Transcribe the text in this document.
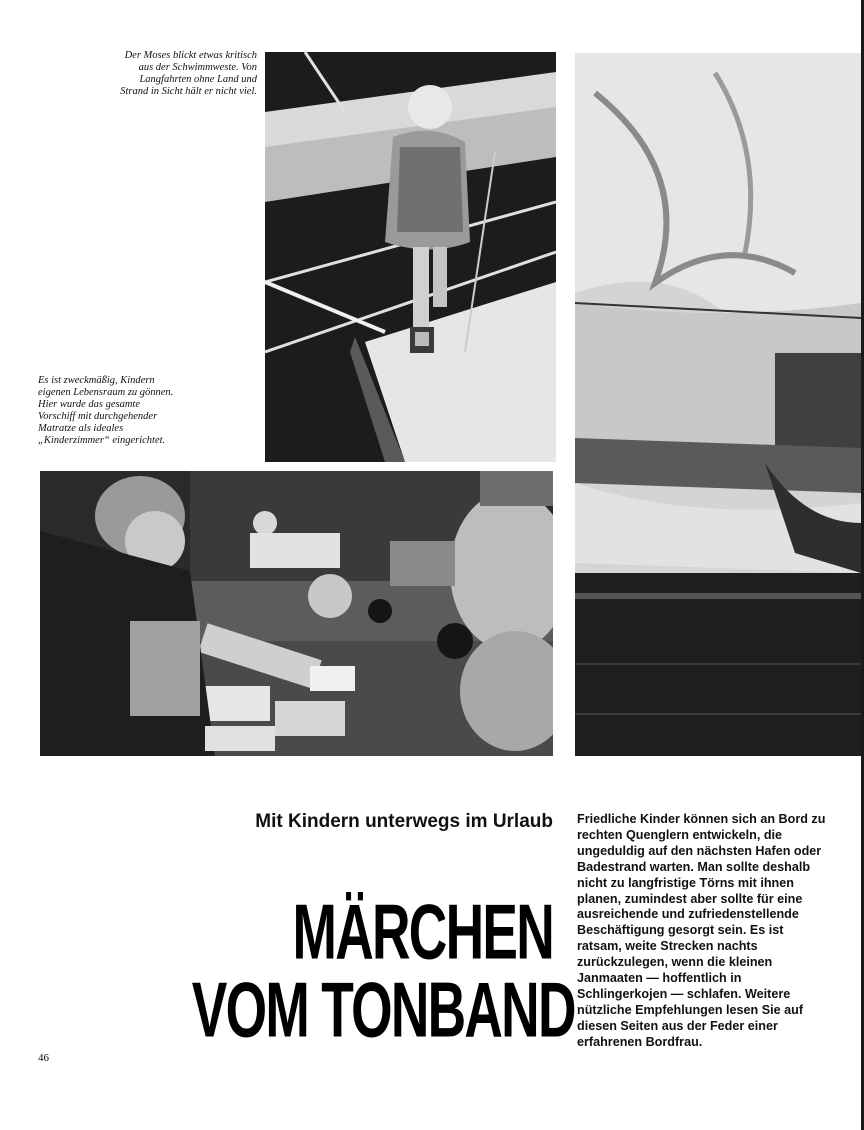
Der Moses blickt etwas kritisch aus der Schwimmweste. Von Langfahrten ohne Land und Strand in Sicht hält er nicht viel.

Es ist zweckmäßig, Kindern eigenen Lebensraum zu gönnen. Hier wurde das gesamte Vorschiff mit durchgehender Matratze als ideales „Kinderzimmer“ eingerichtet.

Mit Kindern unterwegs im Urlaub
MÄRCHEN
VOM TONBAND

Friedliche Kinder können sich an Bord zu rechten Quenglern entwickeln, die ungeduldig auf den nächsten Hafen oder Badestrand warten. Man sollte deshalb nicht zu langfristige Törns mit ihnen planen, zumindest aber sollte für eine ausreichende und zufriedenstellende Beschäftigung gesorgt sein. Es ist ratsam, weite Strecken nachts zurückzulegen, wenn die kleinen Janmaaten — hoffentlich in Schlingerkojen — schlafen. Weitere nützliche Empfehlungen lesen Sie auf diesen Seiten aus der Feder einer erfahrenen Bordfrau.

46
